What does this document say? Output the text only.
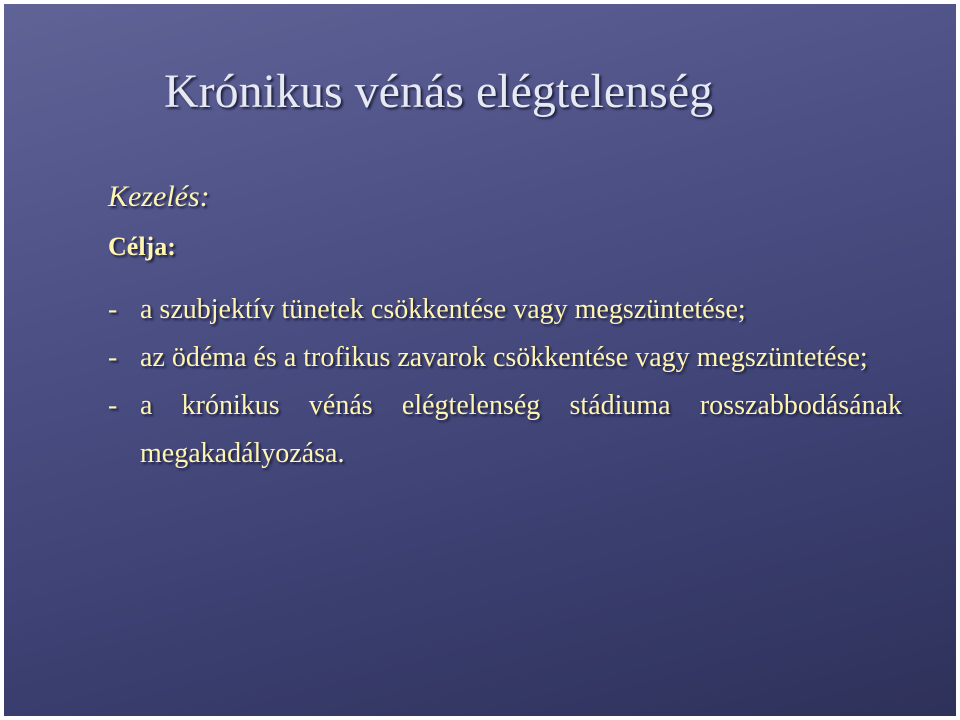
Krónikus vénás elégtelenség
Kezelés:
Célja:
- a szubjektív tünetek csökkentése vagy megszüntetése;
- az ödéma és a trofikus zavarok csökkentése vagy megszüntetése;
- a krónikus vénás elégtelenség stádiuma rosszabbodásának megakadályozása.
